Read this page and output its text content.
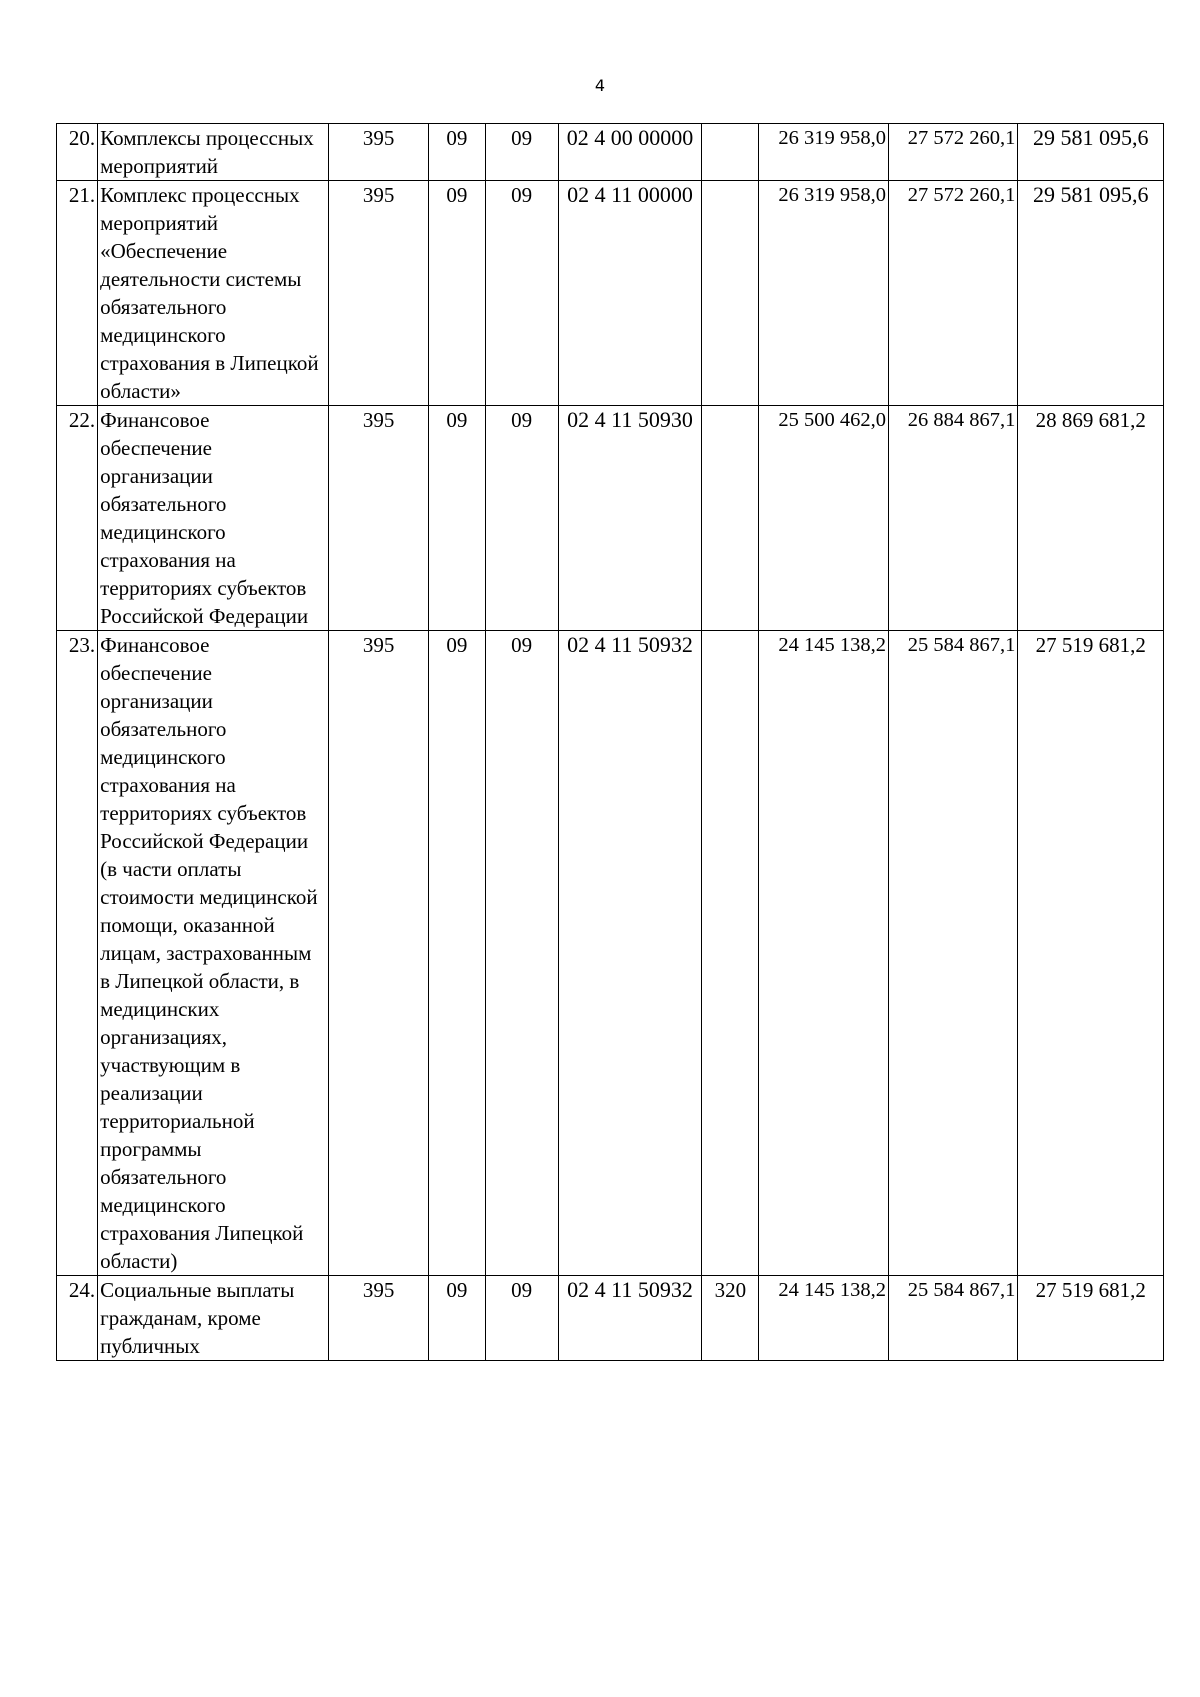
4
20.	Комплексы процессных мероприятий	395	09	09	02 4 00 00000		26 319 958,0	27 572 260,1	29 581 095,6
21.	Комплекс процессных мероприятий «Обеспечение деятельности системы обязательного медицинского страхования в Липецкой области»	395	09	09	02 4 11 00000		26 319 958,0	27 572 260,1	29 581 095,6
22.	Финансовое обеспечение организации обязательного медицинского страхования на территориях субъектов Российской Федерации	395	09	09	02 4 11 50930		25 500 462,0	26 884 867,1	28 869 681,2
23.	Финансовое обеспечение организации обязательного медицинского страхования на территориях субъектов Российской Федерации (в части оплаты стоимости медицинской помощи, оказанной лицам, застрахованным в Липецкой области, в медицинских организациях, участвующим в реализации территориальной программы обязательного медицинского страхования Липецкой области)	395	09	09	02 4 11 50932		24 145 138,2	25 584 867,1	27 519 681,2
24.	Социальные выплаты гражданам, кроме публичных	395	09	09	02 4 11 50932	320	24 145 138,2	25 584 867,1	27 519 681,2
